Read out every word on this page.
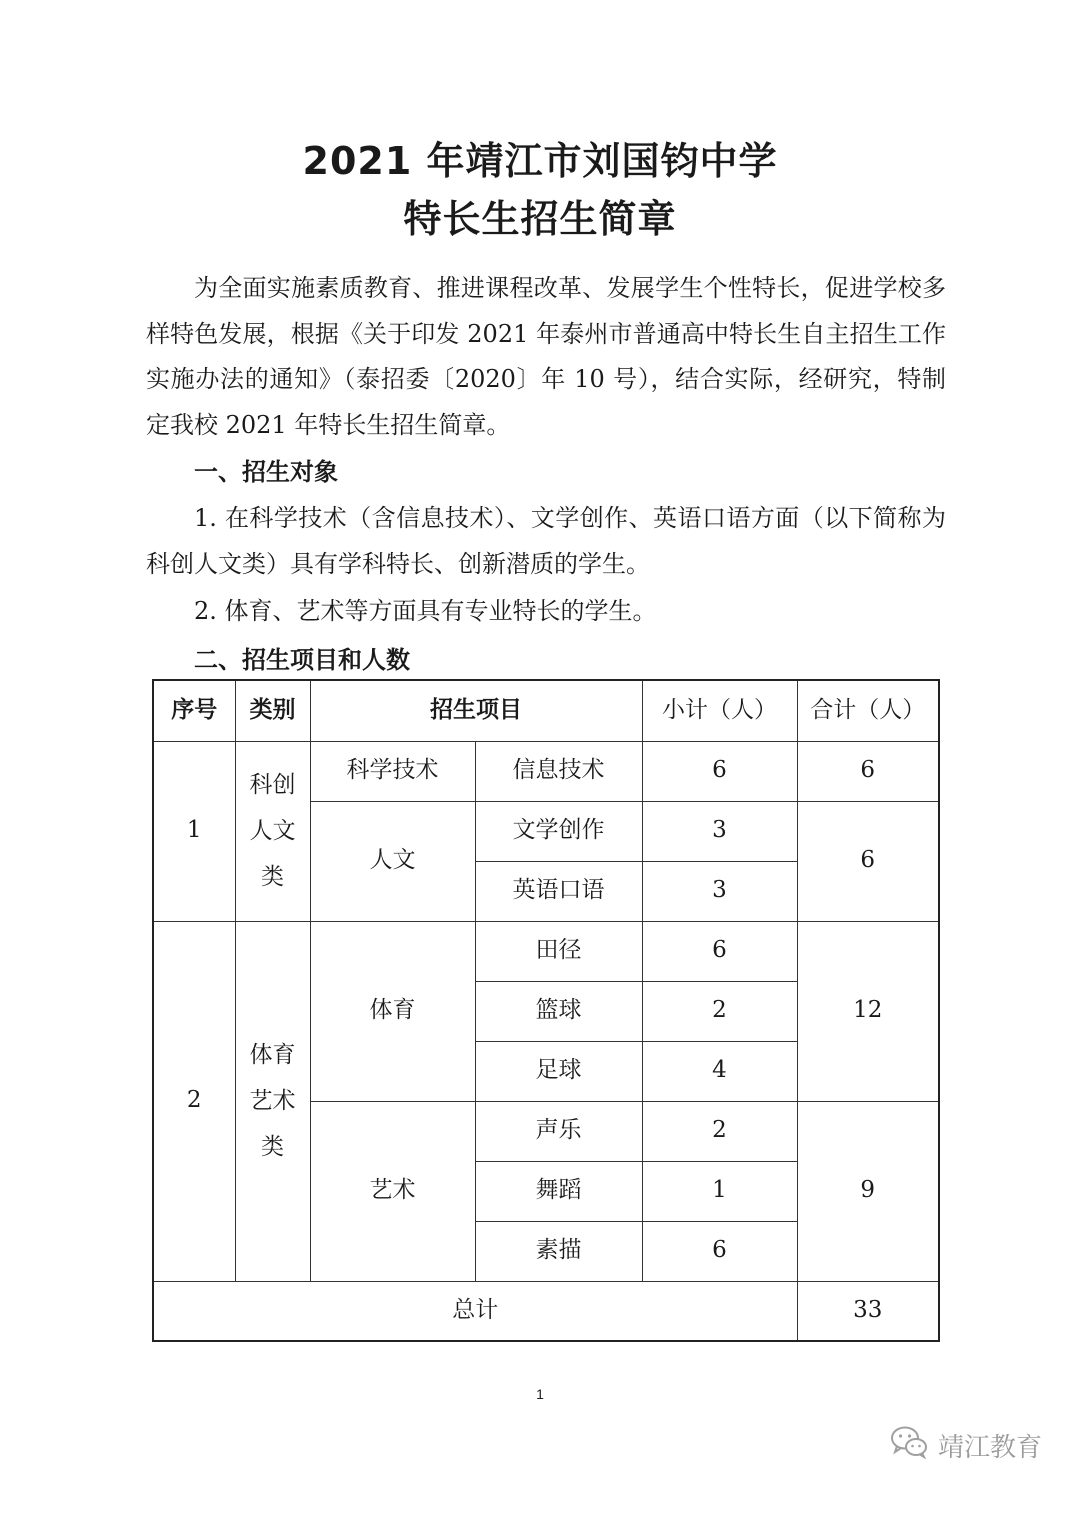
2021 年靖江市刘国钧中学
特长生招生简章
为全面实施素质教育、推进课程改革、发展学生个性特长，促进学校多样特色发展，根据《关于印发 2021 年泰州市普通高中特长生自主招生工作实施办法的通知》（泰招委〔2020〕年 10 号），结合实际，经研究，特制定我校 2021 年特长生招生简章。
一、招生对象
1. 在科学技术（含信息技术）、文学创作、英语口语方面（以下简称为科创人文类）具有学科特长、创新潜质的学生。
2. 体育、艺术等方面具有专业特长的学生。
二、招生项目和人数
序号	类别	招生项目		小计（人）	合计（人）
1	科创
人文
类	科学技术	信息技术	6	6
		人文	文学创作	3	6
			英语口语	3	
2	体育
艺术
类	体育	田径	6	12
			篮球	2	
			足球	4	
		艺术	声乐	2	9
			舞蹈	1	
			素描	6	
总计					33
1
靖江教育
